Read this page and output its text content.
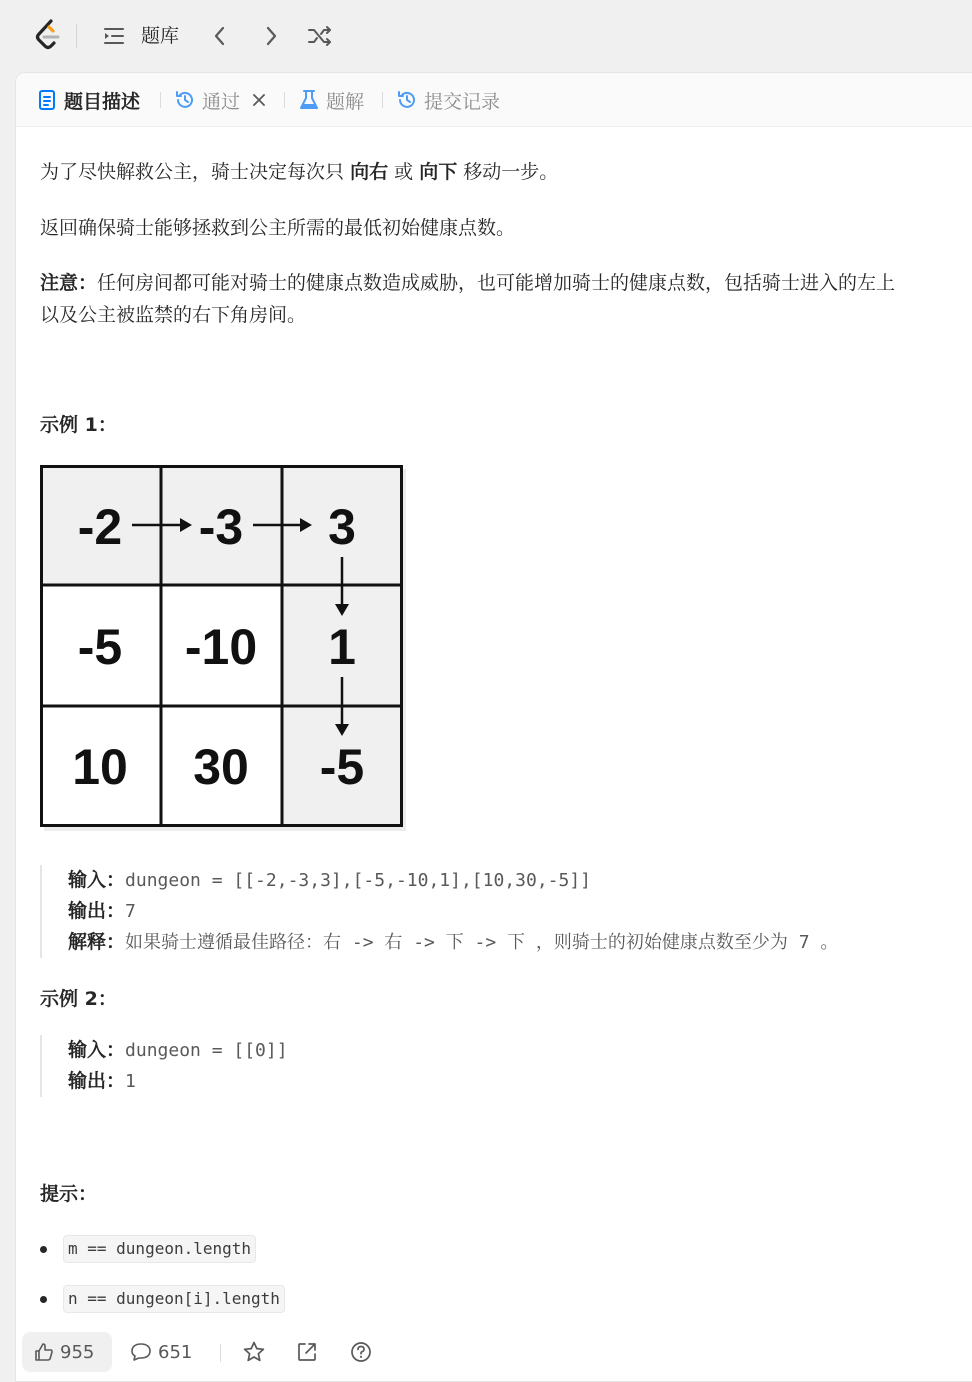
题库
题目描述	通过	题解	提交记录
为了尽快解救公主，骑士决定每次只 向右 或 向下 移动一步。
返回确保骑士能够拯救到公主所需的最低初始健康点数。
注意：任何房间都可能对骑士的健康点数造成威胁，也可能增加骑士的健康点数，包括骑士进入的左上
以及公主被监禁的右下角房间。
示例 1：
-2 -3 3
-5 -10 1
10 30 -5
输入：dungeon = [[-2,-3,3],[-5,-10,1],[10,30,-5]]
输出：7
解释：如果骑士遵循最佳路径：右 -> 右 -> 下 -> 下 ，则骑士的初始健康点数至少为 7 。
示例 2：
输入：dungeon = [[0]]
输出：1
提示：
m == dungeon.length
n == dungeon[i].length
955	651
